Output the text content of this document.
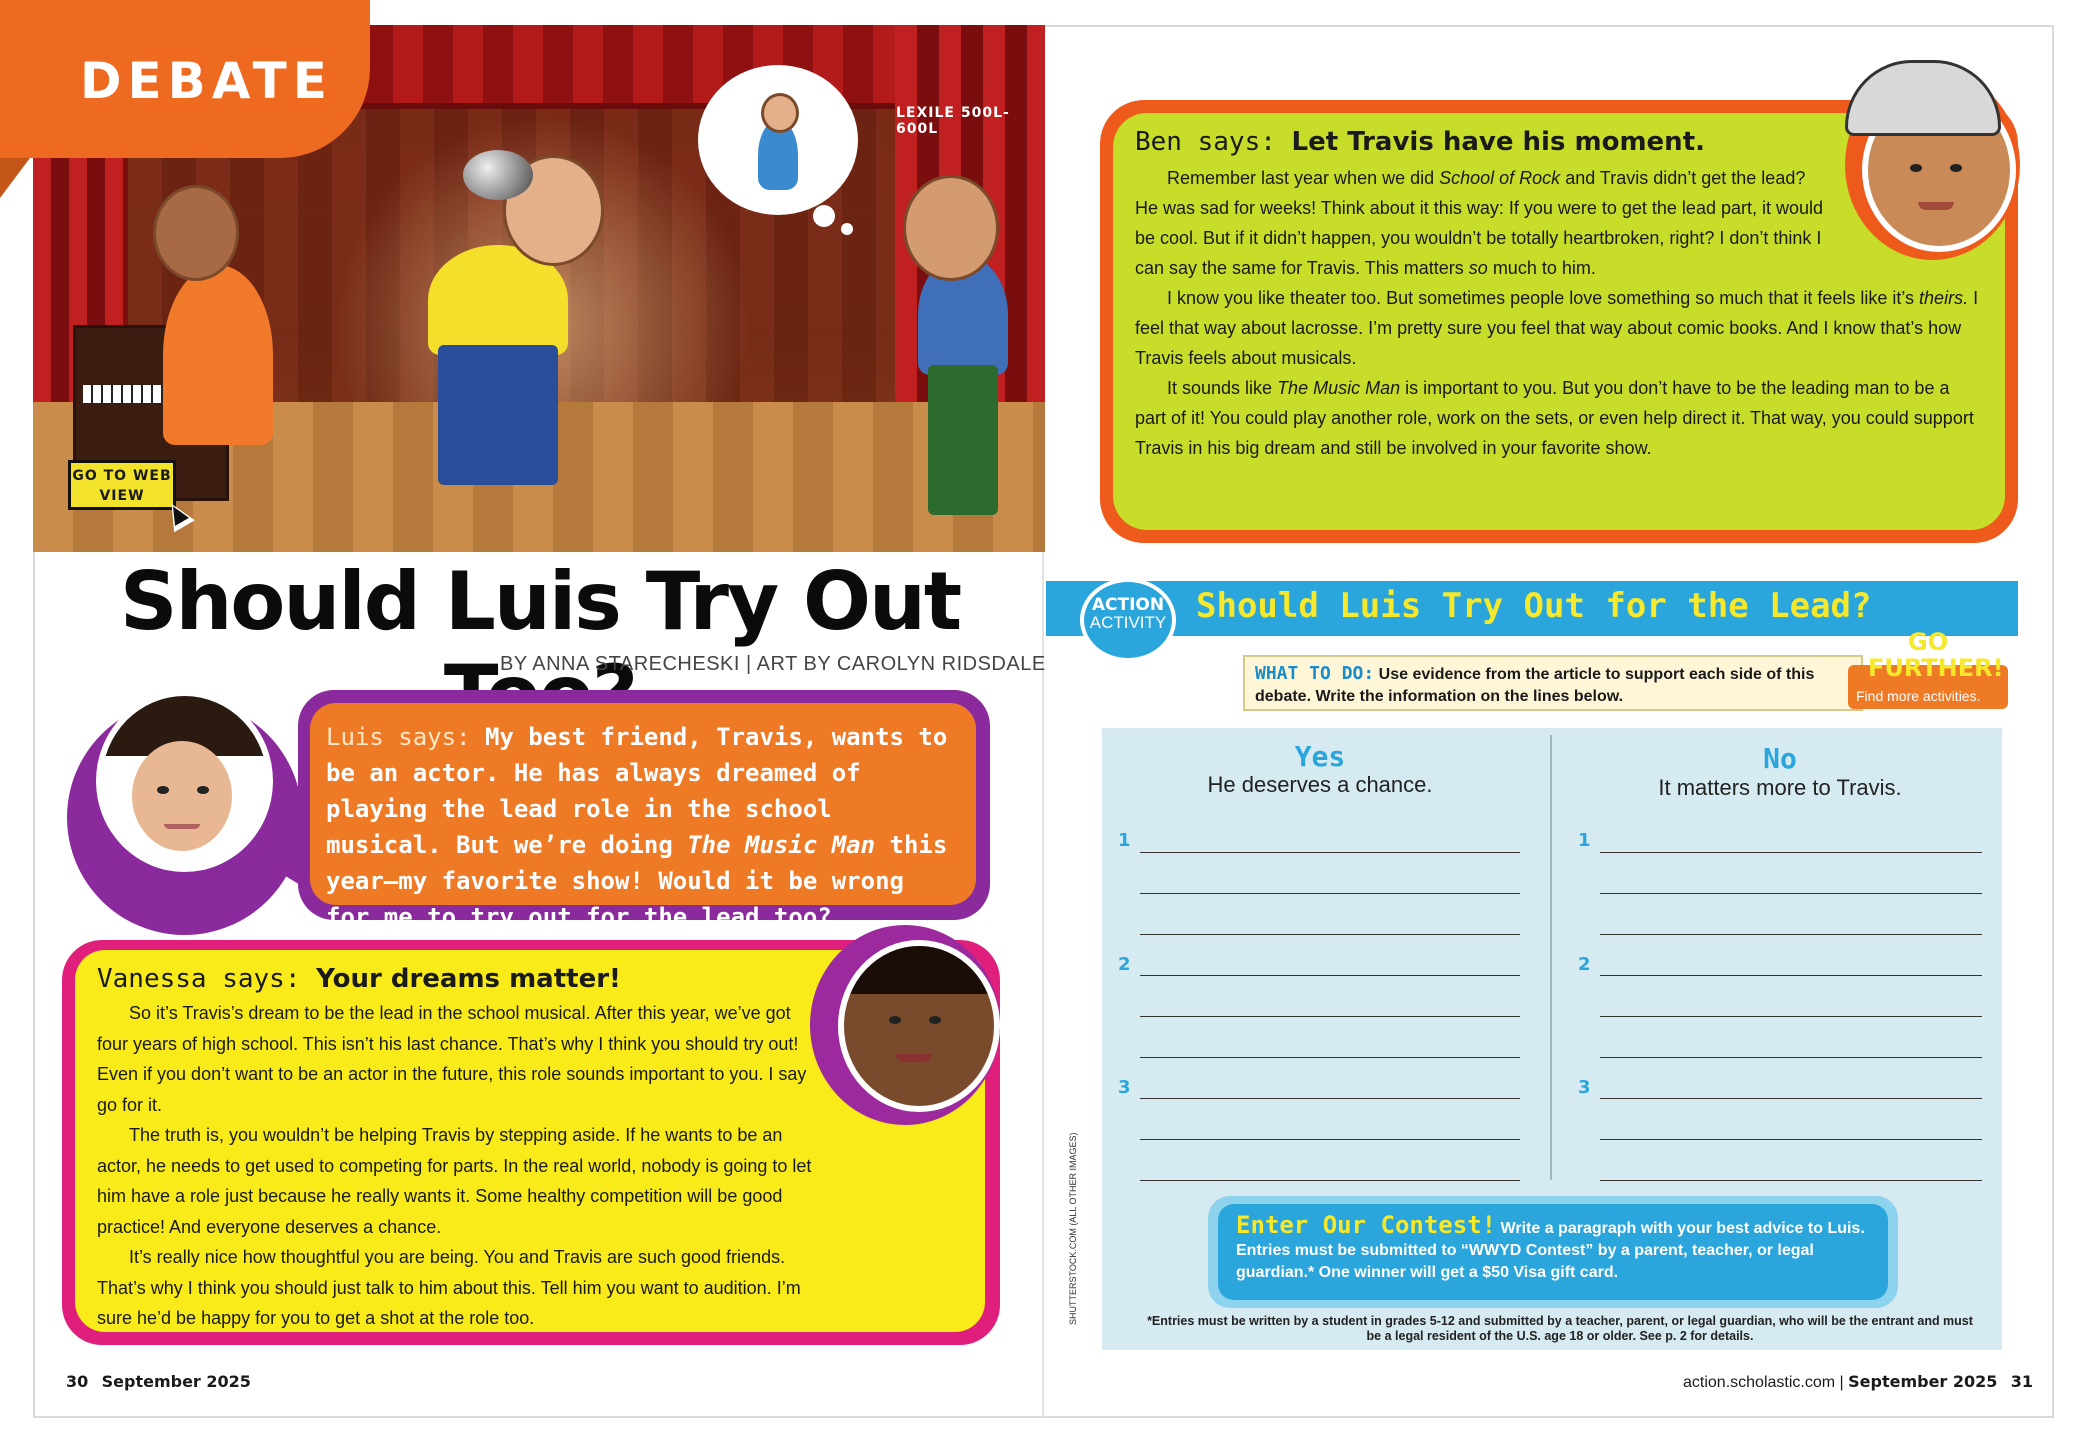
LEXILE 500L-600L
GO TO WEB VIEW
DEBATE
Should Luis Try Out
BY ANNA STARECHESKI | ART BY CAROLYN RIDSDALE
Luis says: My best friend, Travis, wants to be an actor. He has always dreamed of playing the lead role in the school musical. But we’re doing The Music Man this year—my favorite show! Would it be wrong for me to try out for the lead too?
Vanessa says: Your dreams matter!

So it’s Travis’s dream to be the lead in the school musical. After this year, we’ve got four years of high school. This isn’t his last chance. That’s why I think you should try out! Even if you don’t want to be an actor in the future, this role sounds important to you. I say go for it.

The truth is, you wouldn’t be helping Travis by stepping aside. If he wants to be an actor, he needs to get used to competing for parts. In the real world, nobody is going to let him have a role just because he really wants it. Some healthy competition will be good practice! And everyone deserves a chance.

It’s really nice how thoughtful you are being. You and Travis are such good friends. That’s why I think you should just talk to him about this. Tell him you want to audition. I’m sure he’d be happy for you to get a shot at the role too.

Ben says: Let Travis have his moment.

Remember last year when we did School of Rock and Travis didn’t get the lead? He was sad for weeks! Think about it this way: If you were to get the lead part, it would be cool. But if it didn’t happen, you wouldn’t be totally heartbroken, right? I don’t think I can say the same for Travis. This matters so much to him.

I know you like theater too. But sometimes people love something so much that it feels like it’s theirs. I feel that way about lacrosse. I’m pretty sure you feel that way about comic books. And I know that’s how Travis feels about musicals.

It sounds like The Music Man is important to you. But you don’t have to be the leading man to be a part of it! You could play another role, work on the sets, or even help direct it. That way, you could support Travis in his big dream and still be involved in your favorite show.

ACTION
ACTIVITY Should Luis Try Out for the Lead?
WHAT TO DO: Use evidence from the article to support each side of this debate. Write the information on the lines below.
GO
FURTHER!
Find more activities.
Yes
He deserves a chance.
No
It matters more to Travis.
1
2
3
1
2
3
Enter Our Contest! Write a paragraph with your best advice to Luis. Entries must be submitted to “WWYD Contest” by a parent, teacher, or legal guardian.* One winner will get a $50 Visa gift card.
*Entries must be written by a student in grades 5-12 and submitted by a teacher, parent, or legal guardian, who will be the entrant and must be a legal resident of the U.S. age 18 or older. See p. 2 for details.
SHUTTERSTOCK.COM (ALL OTHER IMAGES)
30 September 2025	action.scholastic.com | September 2025 31
